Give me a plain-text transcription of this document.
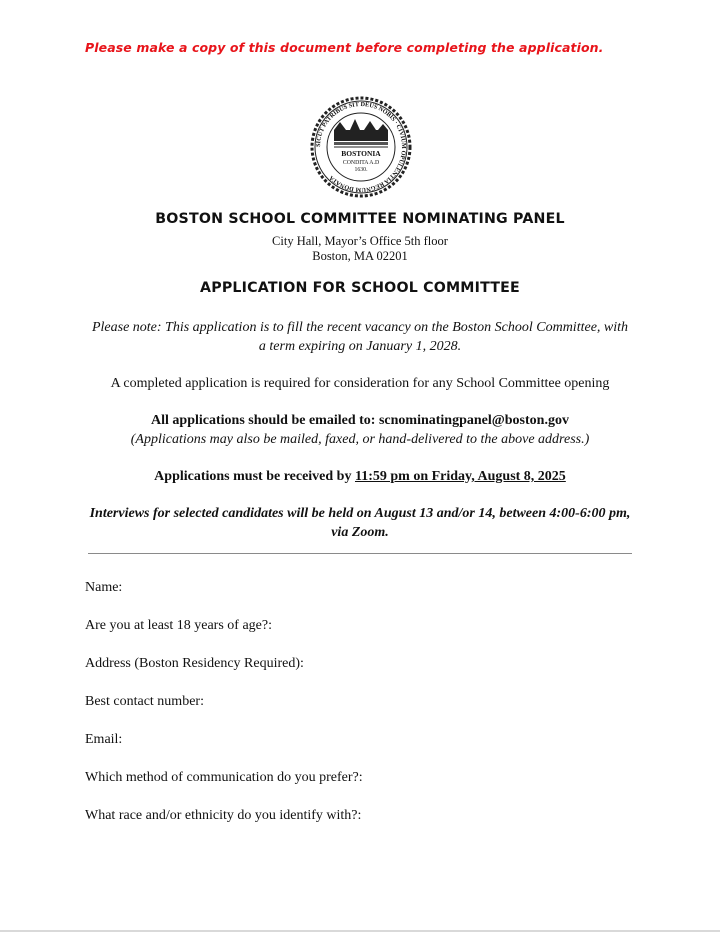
Please make a copy of this document before completing the application.
SICUT PATRIBUS SIT DEUS NOBIS · CIVIUM OPULENTIA REGNUM DONATA
BOSTONIA
CONDITA A.D
1630.
BOSTON SCHOOL COMMITTEE NOMINATING PANEL
City Hall, Mayor’s Office 5th floor
Boston, MA 02201
APPLICATION FOR SCHOOL COMMITTEE
Please note: This application is to fill the recent vacancy on the Boston School Committee, with
a term expiring on January 1, 2028.
A completed application is required for consideration for any School Committee opening
All applications should be emailed to: scnominatingpanel@boston.gov
(Applications may also be mailed, faxed, or hand-delivered to the above address.)
Applications must be received by 11:59 pm on Friday, August 8, 2025
Interviews for selected candidates will be held on August 13 and/or 14, between 4:00-6:00 pm,
via Zoom.
Name:
Are you at least 18 years of age?:
Address (Boston Residency Required):
Best contact number:
Email:
Which method of communication do you prefer?:
What race and/or ethnicity do you identify with?:
